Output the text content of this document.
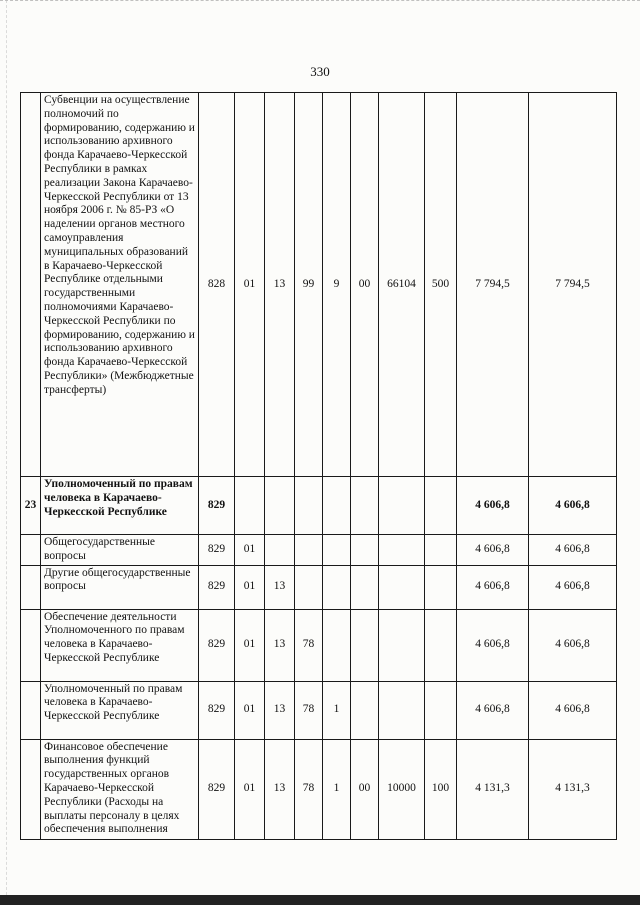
330
	Субвенции на осуществление полномочий по формированию, содержанию и использованию архивного фонда Карачаево-Черкесской Республики в рамках реализации Закона Карачаево-Черкесской Республики от 13 ноября 2006 г. № 85-РЗ «О наделении органов местного самоуправления муниципальных образований в Карачаево-Черкесской Республике отдельными государственными полномочиями Карачаево-Черкесской Республики по формированию, содержанию и использованию архивного фонда Карачаево-Черкесской Республики» (Межбюджетные трансферты)	828	01	13	99	9	00	66104	500	7 794,5	7 794,5
23	Уполномоченный по правам человека в Карачаево-Черкесской Республике	829								4 606,8	4 606,8
	Общегосударственные вопросы	829	01							4 606,8	4 606,8
	Другие общегосударственные вопросы	829	01	13						4 606,8	4 606,8
	Обеспечение деятельности Уполномоченного по правам человека в Карачаево-Черкесской Республике	829	01	13	78					4 606,8	4 606,8
	Уполномоченный по правам человека в Карачаево-Черкесской Республике	829	01	13	78	1				4 606,8	4 606,8
	Финансовое обеспечение выполнения функций государственных органов Карачаево-Черкесской Республики (Расходы на выплаты персоналу в целях обеспечения выполнения	829	01	13	78	1	00	10000	100	4 131,3	4 131,3
